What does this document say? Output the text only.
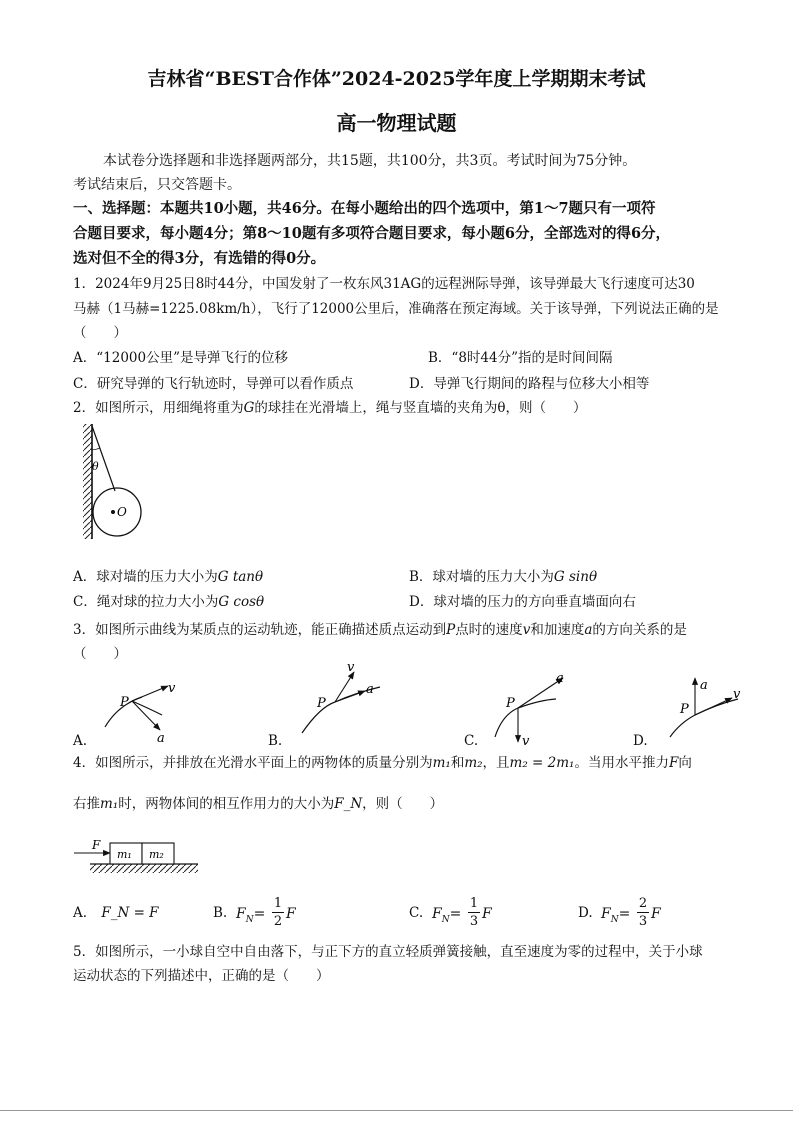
吉林省“BEST合作体”2024-2025学年度上学期期末考试
高一物理试题
本试卷分选择题和非选择题两部分，共15题，共100分，共3页。考试时间为75分钟。
考试结束后，只交答题卡。
一、选择题：本题共10小题，共46分。在每小题给出的四个选项中，第1～7题只有一项符
合题目要求，每小题4分；第8～10题有多项符合题目要求，每小题6分，全部选对的得6分，
选对但不全的得3分，有选错的得0分。
1．2024年9月25日8时44分，中国发射了一枚东风31AG的远程洲际导弹，该导弹最大飞行速度可达30
马赫（1马赫=1225.08km/h），飞行了12000公里后，准确落在预定海域。关于该导弹，下列说法正确的是
（　　）
A．“12000公里”是导弹飞行的位移	B．“8时44分”指的是时间间隔
C．研究导弹的飞行轨迹时，导弹可以看作质点	D．导弹飞行期间的路程与位移大小相等
2．如图所示，用细绳将重为G的球挂在光滑墙上，绳与竖直墙的夹角为θ，则（　　）
θ
O
A．球对墙的压力大小为G tanθ	B．球对墙的压力大小为G sinθ
C．绳对球的拉力大小为G cosθ	D．球对墙的压力的方向垂直墙面向右
3．如图所示曲线为某质点的运动轨迹，能正确描述质点运动到P点时的速度v和加速度a的方向关系的是
（　　）
P
v
a
P
v
a
P
a
v
P
a
v
A.	B.	C.	D.
4．如图所示，并排放在光滑水平面上的两物体的质量分别为m₁和m₂，且m₂ = 2m₁。当用水平推力F向
右推m₁时，两物体间的相互作用力的大小为F_N，则（　　）
F
m₁ m₂
A. F_N = F	B. $F_N=$
1
2 F	C. $F_N=$
1
3 F	D. $F_N=$
2
3 F
5．如图所示，一小球自空中自由落下，与正下方的直立轻质弹簧接触，直至速度为零的过程中，关于小球
运动状态的下列描述中，正确的是（　　）
